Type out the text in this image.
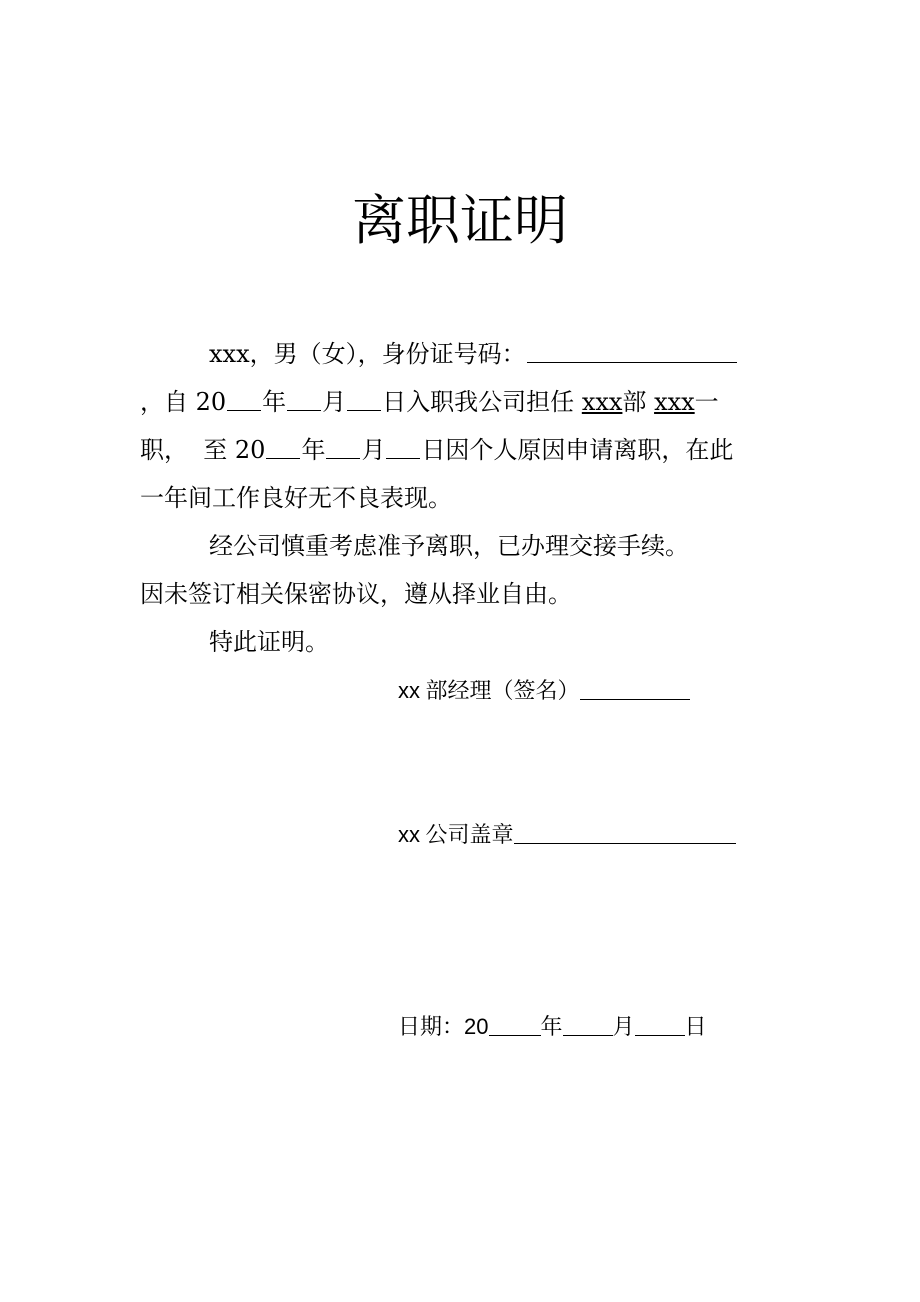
离职证明
xxx，男（女），身份证号码：
，自 20 年 月 日入职我公司担任 xxx部 xxx一
职，  至 20 年 月 日因个人原因申请离职，在此
一年间工作良好无不良表现。
经公司慎重考虑准予离职，已办理交接手续。
因未签订相关保密协议，遵从择业自由。
特此证明。
xx 部经理（签名）
xx 公司盖章
日期：20 年 月 日
